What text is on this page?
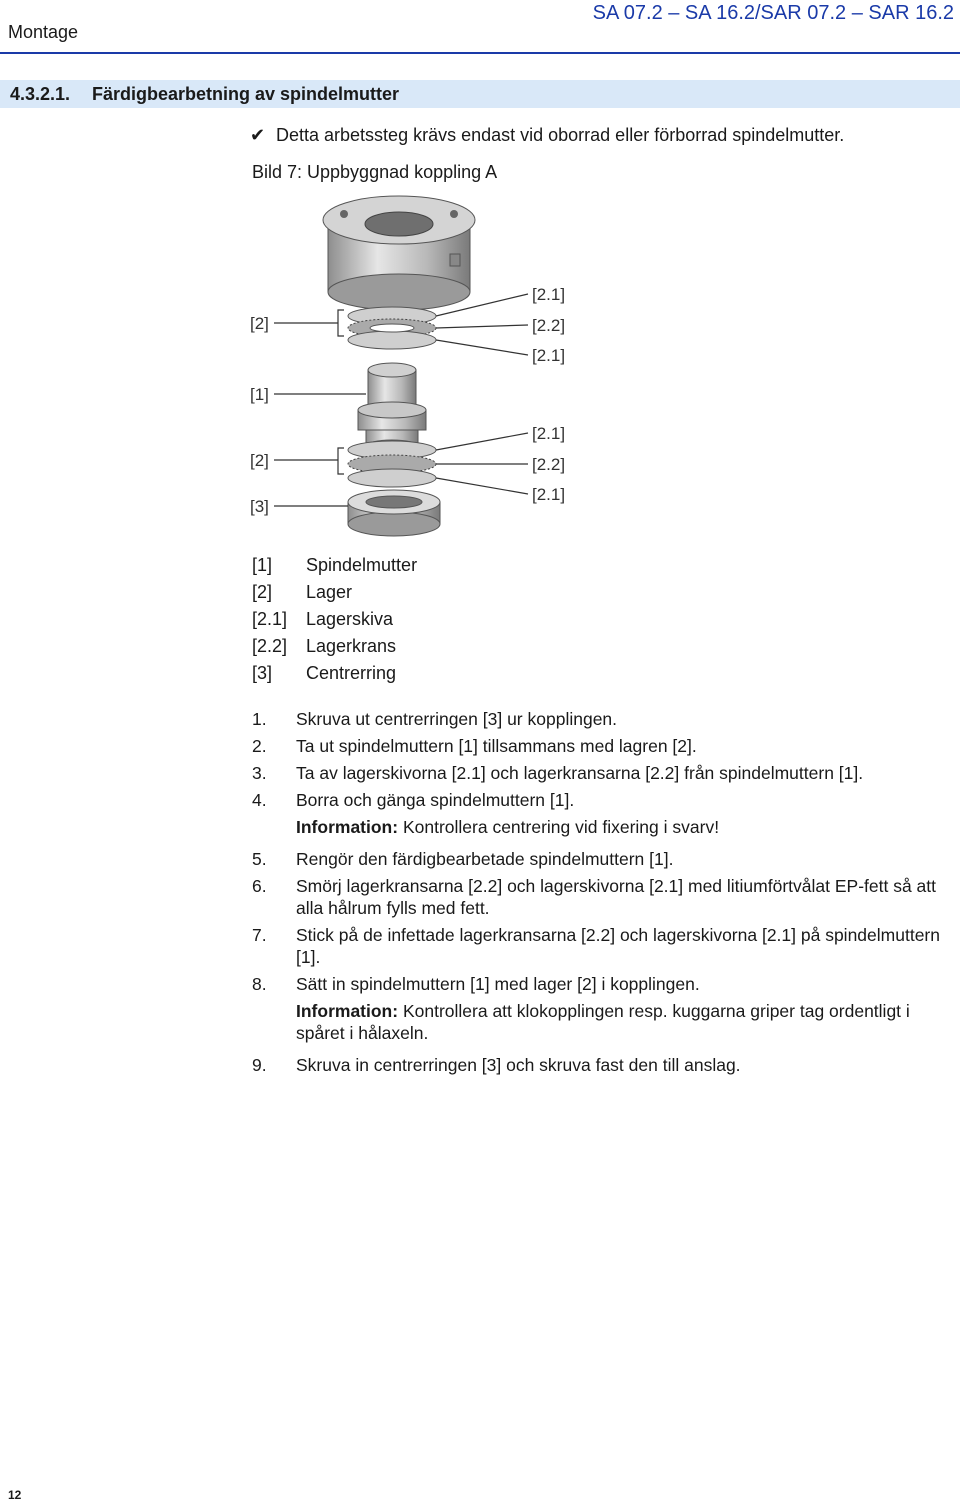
Montage
SA 07.2 – SA 16.2/SAR 07.2 – SAR 16.2
4.3.2.1. Färdigbearbetning av spindelmutter
✔ Detta arbetssteg krävs endast vid oborrad eller förborrad spindelmutter.
Bild 7: Uppbyggnad koppling A
[2]
[1]
[2]
[3]
[2.1]
[2.2]
[2.1]
[2.1]
[2.2]
[2.1]
[1] Spindelmutter
[2] Lager
[2.1] Lagerskiva
[2.2] Lagerkrans
[3] Centrerring
1. Skruva ut centrerringen [3] ur kopplingen.
2. Ta ut spindelmuttern [1] tillsammans med lagren [2].
3. Ta av lagerskivorna [2.1] och lagerkransarna [2.2] från spindelmuttern [1].
4. Borra och gänga spindelmuttern [1].
Information: Kontrollera centrering vid fixering i svarv!
5. Rengör den färdigbearbetade spindelmuttern [1].
6. Smörj lagerkransarna [2.2] och lagerskivorna [2.1] med litiumförtvålat EP-fett så att alla hålrum fylls med fett.
7. Stick på de infettade lagerkransarna [2.2] och lagerskivorna [2.1] på spindelmuttern [1].
8. Sätt in spindelmuttern [1] med lager [2] i kopplingen.
Information: Kontrollera att klokopplingen resp. kuggarna griper tag ordentligt i spåret i hålaxeln.
9. Skruva in centrerringen [3] och skruva fast den till anslag.
12
